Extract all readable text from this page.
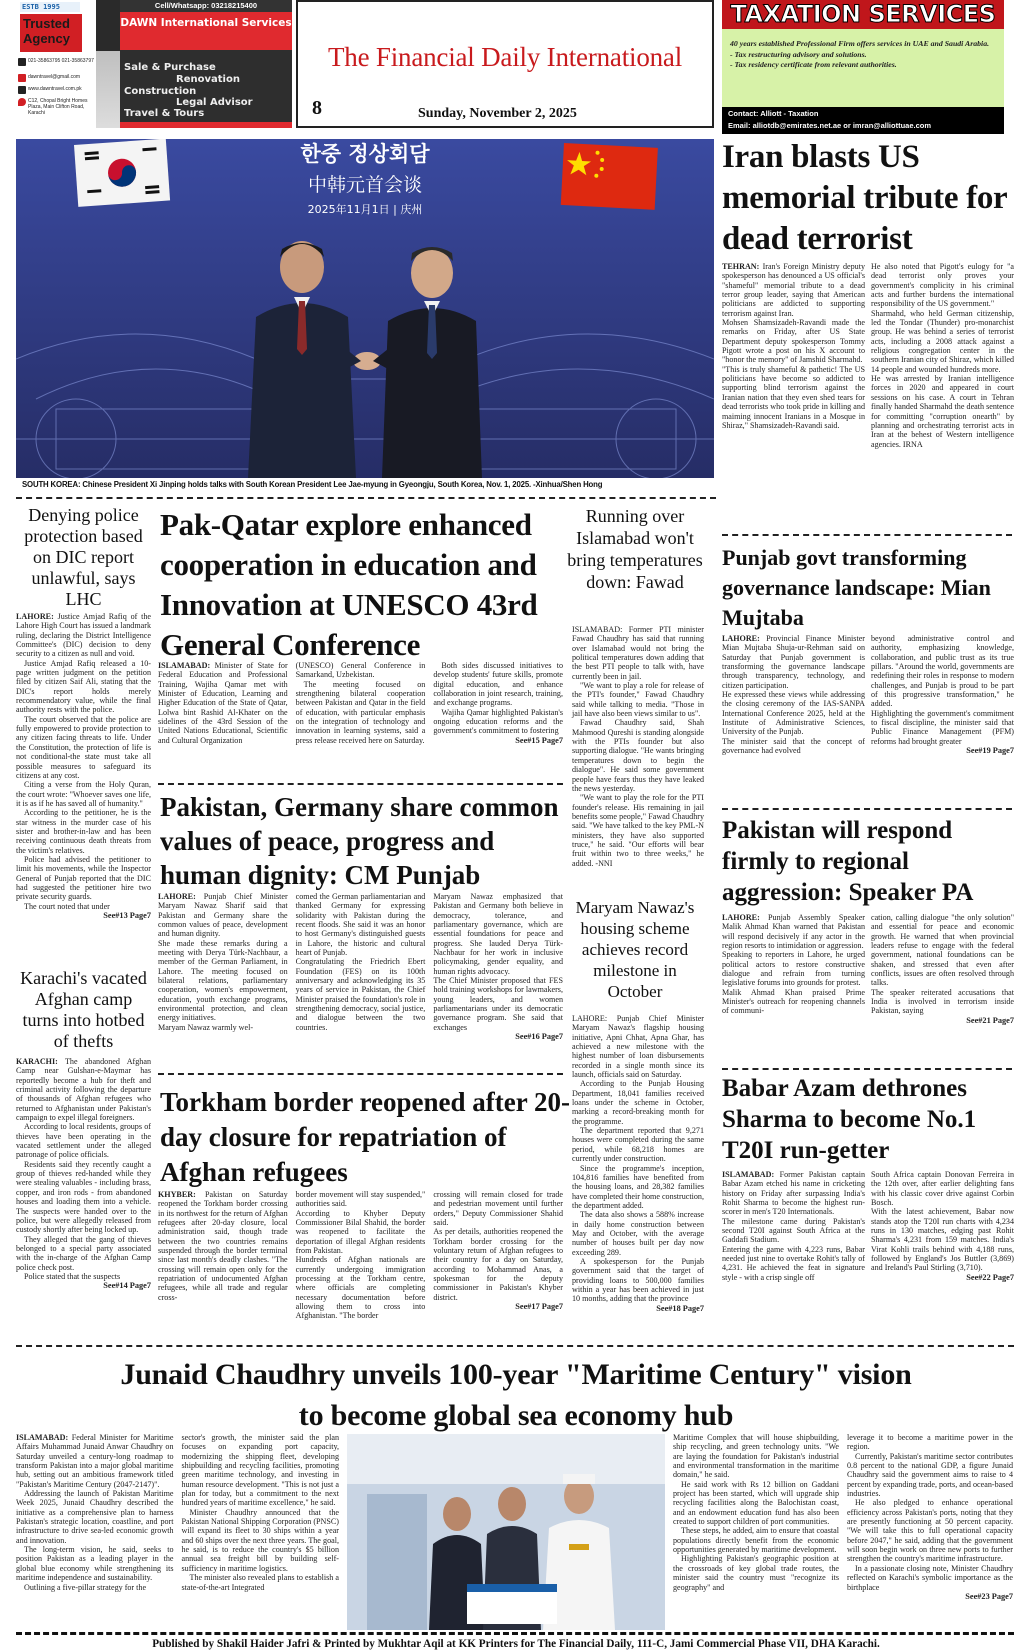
ESTB 1995
Trusted Agency
021-35863795 021-35863797
dawntravel@gmail.com
www.dawntravel.com.pk
C12, Chopal Bright Homes Plaza, Main Clifton Road, Karachi
Cell/Whatsapp: 03218215400
DAWN International Services
Sale & Purchase
Renovation
Construction
Legal Advisor
Travel & Tours
The Financial Daily International
8	Sunday, November 2, 2025
TAXATION SERVICES
40 years established Professional Firm offers services in UAE and Saudi Arabia.
- Tax restructuring advisory and solutions.
- Tax residency certificate from relevant authorities.
Contact: Alliott - Taxation
Email: alliotdb@emirates.net.ae or imran@alliottuae.com
한중 정상회담
中韩元首会谈
2025年11月1日 | 庆州
SOUTH KOREA: Chinese President Xi Jinping holds talks with South Korean President Lee Jae-myung in Gyeongju, South Korea, Nov. 1, 2025. -Xinhua/Shen Hong
Iran blasts US memorial tribute for dead terrorist

TEHRAN: Iran's Foreign Ministry deputy spokesperson has denounced a US official's "shameful" memorial tribute to a dead terror group leader, saying that American politicians are addicted to supporting terrorism against Iran.

Mohsen Shamsizadeh-Ravandi made the remarks on Friday, after US State Department deputy spokesperson Tommy Pigott wrote a post on his X account to "honor the memory" of Jamshid Sharmahd.

"This is truly shameful & pathetic! The US politicians have become so addicted to supporting blind terrorism against the Iranian nation that they even shed tears for dead terrorists who took pride in killing and maiming innocent Iranians in a Mosque in Shiraz," Shamsizadeh-Ravandi said.

He also noted that Pigott's eulogy for "a dead terrorist only proves your government's complicity in his criminal acts and further burdens the international responsibility of the US government."

Sharmahd, who held German citizenship, led the Tondar (Thunder) pro-monarchist group. He was behind a series of terrorist acts, including a 2008 attack against a religious congregation center in the southern Iranian city of Shiraz, which killed 14 people and wounded hundreds more.

He was arrested by Iranian intelligence forces in 2020 and appeared in court sessions on his case. A court in Tehran finally handed Sharmahd the death sentence for committing "corruption onearth" by planning and orchestrating terrorist acts in Iran at the behest of Western intelligence agencies. IRNA

Denying police protection based on DIC report unlawful, says LHC

LAHORE: Justice Amjad Rafiq of the Lahore High Court has issued a landmark ruling, declaring the District Intelligence Committee's (DIC) decision to deny security to a citizen as null and void.

Justice Amjad Rafiq released a 10-page written judgment on the petition filed by citizen Saif Ali, stating that the DIC's report holds merely recommendatory value, while the final authority rests with the police.

The court observed that the police are fully empowered to provide protection to any citizen facing threats to life. Under the Constitution, the protection of life is not conditional-the state must take all possible measures to safeguard its citizens at any cost.

Citing a verse from the Holy Quran, the court wrote: "Whoever saves one life, it is as if he has saved all of humanity."

According to the petitioner, he is the star witness in the murder case of his sister and brother-in-law and has been receiving continuous death threats from the victim's relatives.

Police had advised the petitioner to limit his movements, while the Inspector General of Punjab reported that the DIC had suggested the petitioner hire two private security guards.

The court noted that under

See#13 Page7
Karachi's vacated Afghan camp turns into hotbed of thefts

KARACHI: The abandoned Afghan Camp near Gulshan-e-Maymar has reportedly become a hub for theft and criminal activity following the departure of thousands of Afghan refugees who returned to Afghanistan under Pakistan's campaign to expel illegal foreigners.

According to local residents, groups of thieves have been operating in the vacated settlement under the alleged patronage of police officials.

Residents said they recently caught a group of thieves red-handed while they were stealing valuables - including brass, copper, and iron rods - from abandoned houses and loading them into a vehicle. The suspects were handed over to the police, but were allegedly released from custody shortly after being locked up.

They alleged that the gang of thieves belonged to a special party associated with the in-charge of the Afghan Camp police check post.

Police stated that the suspects

See#14 Page7
Pak-Qatar explore enhanced cooperation in education and Innovation at UNESCO 43rd General Conference

ISLAMABAD: Minister of State for Federal Education and Professional Training, Wajiha Qamar met with Minister of Education, Learning and Higher Education of the State of Qatar, Lolwa bint Rashid Al-Khater on the sidelines of the 43rd Session of the United Nations Educational, Scientific and Cultural Organization

(UNESCO) General Conference in Samarkand, Uzbekistan.

The meeting focused on strengthening bilateral cooperation between Pakistan and Qatar in the field of education, with particular emphasis on the integration of technology and innovation in learning systems, said a press release received here on Saturday.

Both sides discussed initiatives to develop students' future skills, promote digital education, and enhance collaboration in joint research, training, and exchange programs.

Wajiha Qamar highlighted Pakistan's ongoing education reforms and the government's commitment to fostering

See#15 Page7
Running over Islamabad won't bring temperatures down: Fawad

ISLAMABAD: Former PTI minister Fawad Chaudhry has said that running over Islamabad would not bring the political temperatures down adding that the best PTI people to talk with, have currently been in jail.

"We want to play a role for release of the PTI's founder," Fawad Chaudhry said while talking to media. "Those in jail have also been views similar to us".

Fawad Chaudhry said, Shah Mahmood Qureshi is standing alongside with the PTIs founder but also supporting dialogue. "He wants bringing temperatures down to begin the dialogue". He said some government people have fears thus they have leaked the news yesterday.

"We want to play the role for the PTI founder's release. His remaining in jail benefits some people," Fawad Chaudhry said. "We have talked to the key PML-N ministers, they have also supported truce," he said. "Our efforts will bear fruit within two to three weeks," he added. -NNI

Punjab govt transforming governance landscape: Mian Mujtaba

LAHORE: Provincial Finance Minister Mian Mujtaba Shuja-ur-Rehman said on Saturday that Punjab government is transforming the governance landscape through transparency, technology, and citizen participation.

He expressed these views while addressing the closing ceremony of the IAS-SANPA International Conference 2025, held at the Institute of Administrative Sciences, University of the Punjab.

The minister said that the concept of governance had evolved

beyond administrative control and authority, emphasizing knowledge, collaboration, and public trust as its true pillars. "Around the world, governments are redefining their roles in response to modern challenges, and Punjab is proud to be part of this progressive transformation," he added.

Highlighting the government's commitment to fiscal discipline, the minister said that Public Finance Management (PFM) reforms had brought greater

See#19 Page7
Pakistan, Germany share common values of peace, progress and human dignity: CM Punjab

LAHORE: Punjab Chief Minister Maryam Nawaz Sharif said that Pakistan and Germany share the common values of peace, development and human dignity.

She made these remarks during a meeting with Derya Türk-Nachbaur, a member of the German Parliament, in Lahore. The meeting focused on bilateral relations, parliamentary cooperation, women's empowerment, education, youth exchange programs, environmental protection, and clean energy initiatives.

Maryam Nawaz warmly wel-

comed the German parliamentarian and thanked Germany for expressing solidarity with Pakistan during the recent floods. She said it was an honor to host Germany's distinguished guests in Lahore, the historic and cultural heart of Punjab.

Congratulating the Friedrich Ebert Foundation (FES) on its 100th anniversary and acknowledging its 35 years of service in Pakistan, the Chief Minister praised the foundation's role in strengthening democracy, social justice, and dialogue between the two countries.

Maryam Nawaz emphasized that Pakistan and Germany both believe in democracy, tolerance, and parliamentary governance, which are essential foundations for peace and progress. She lauded Derya Türk-Nachbaur for her work in inclusive policymaking, gender equality, and human rights advocacy.

The Chief Minister proposed that FES hold training workshops for lawmakers, young leaders, and women parliamentarians under its democratic governance program. She said that exchanges

See#16 Page7
Maryam Nawaz's housing scheme achieves record milestone in October

LAHORE: Punjab Chief Minister Maryam Nawaz's flagship housing initiative, Apni Chhat, Apna Ghar, has achieved a new milestone with the highest number of loan disbursements recorded in a single month since its launch, officials said on Saturday.

According to the Punjab Housing Department, 18,041 families received loans under the scheme in October, marking a record-breaking month for the programme.

The department reported that 9,271 houses were completed during the same period, while 68,218 homes are currently under construction.

Since the programme's inception, 104,816 families have benefited from the housing loans, and 28,382 families have completed their home construction, the department added.

The data also shows a 588% increase in daily home construction between May and October, with the average number of houses built per day now exceeding 289.

A spokesperson for the Punjab government said that the target of providing loans to 500,000 families within a year has been achieved in just 10 months, adding that the province

See#18 Page7
Pakistan will respond firmly to regional aggression: Speaker PA

LAHORE: Punjab Assembly Speaker Malik Ahmad Khan warned that Pakistan will respond decisively if any actor in the region resorts to intimidation or aggression.

Speaking to reporters in Lahore, he urged political actors to restore constructive dialogue and refrain from turning legislative forums into grounds for protest.

Malik Ahmad Khan praised Prime Minister's outreach for reopening channels of communi-

cation, calling dialogue "the only solution" and essential for peace and economic growth. He warned that when provincial leaders refuse to engage with the federal government, national foundations can be shaken, and stressed that even after conflicts, issues are often resolved through talks.

The speaker reiterated accusations that India is involved in terrorism inside Pakistan, saying

See#21 Page7
Torkham border reopened after 20-day closure for repatriation of Afghan refugees

KHYBER: Pakistan on Saturday reopened the Torkham border crossing in its northwest for the return of Afghan refugees after 20-day closure, local administration said, though trade between the two countries remains suspended through the border terminal since last month's deadly clashes. "The crossing will remain open only for the repatriation of undocumented Afghan refugees, while all trade and regular cross-

border movement will stay suspended," authorities said.

According to Khyber Deputy Commissioner Bilal Shahid, the border was reopened to facilitate the deportation of illegal Afghan residents from Pakistan.

Hundreds of Afghan nationals are currently undergoing immigration processing at the Torkham centre, where officials are completing necessary documentation before allowing them to cross into Afghanistan. "The border

crossing will remain closed for trade and pedestrian movement until further orders," Deputy Commissioner Shahid said.

As per details, authorities reopened the Torkham border crossing for the voluntary return of Afghan refugees to their country for a day on Saturday, according to Mohammad Anas, a spokesman for the deputy commissioner in Pakistan's Khyber district.

See#17 Page7
Babar Azam dethrones Sharma to become No.1 T20I run-getter

ISLAMABAD: Former Pakistan captain Babar Azam etched his name in cricketing history on Friday after surpassing India's Rohit Sharma to become the highest run-scorer in men's T20 Internationals.

The milestone came during Pakistan's second T20I against South Africa at the Gaddafi Stadium.

Entering the game with 4,223 runs, Babar needed just nine to overtake Rohit's tally of 4,231. He achieved the feat in signature style - with a crisp single off

South Africa captain Donovan Ferreira in the 12th over, after earlier delighting fans with his classic cover drive against Corbin Bosch.

With the latest achievement, Babar now stands atop the T20I run charts with 4,234 runs in 130 matches, edging past Rohit Sharma's 4,231 from 159 matches. India's Virat Kohli trails behind with 4,188 runs, followed by England's Jos Buttler (3,869) and Ireland's Paul Stirling (3,710).

See#22 Page7
Junaid Chaudhry unveils 100-year "Maritime Century" vision
to become global sea economy hub

ISLAMABAD: Federal Minister for Maritime Affairs Muhammad Junaid Anwar Chaudhry on Saturday unveiled a century-long roadmap to transform Pakistan into a major global maritime hub, setting out an ambitious framework titled "Pakistan's Maritime Century (2047-2147)".

Addressing the launch of Pakistan Maritime Week 2025, Junaid Chaudhry described the initiative as a comprehensive plan to harness Pakistan's strategic location, coastline, and port infrastructure to drive sea-led economic growth and innovation.

The long-term vision, he said, seeks to position Pakistan as a leading player in the global blue economy while strengthening its maritime independence and sustainability.

Outlining a five-pillar strategy for the

sector's growth, the minister said the plan focuses on expanding port capacity, modernizing the shipping fleet, developing shipbuilding and recycling facilities, promoting green maritime technology, and investing in human resource development. "This is not just a plan for today, but a commitment to the next hundred years of maritime excellence," he said.

Minister Chaudhry announced that the Pakistan National Shipping Corporation (PNSC) will expand its fleet to 30 ships within a year and 60 ships over the next three years. The goal, he said, is to reduce the country's $5 billion annual sea freight bill by building self-sufficiency in maritime logistics.

The minister also revealed plans to establish a state-of-the-art Integrated

Maritime Complex that will house shipbuilding, ship recycling, and green technology units. "We are laying the foundation for Pakistan's industrial and environmental transformation in the maritime domain," he said.

He said work with Rs 12 billion on Gaddani project has been started, which will upgrade ship recycling facilities along the Balochistan coast, and an endowment education fund has also been created to support children of port communities.

These steps, he added, aim to ensure that coastal populations directly benefit from the economic opportunities generated by maritime development.

Highlighting Pakistan's geographic position at the crossroads of key global trade routes, the minister said the country must "recognize its geography" and

leverage it to become a maritime power in the region.

Currently, Pakistan's maritime sector contributes 0.8 percent to the national GDP, a figure Junaid Chaudhry said the government aims to raise to 4 percent by expanding trade, ports, and ocean-based industries.

He also pledged to enhance operational efficiency across Pakistan's ports, noting that they are presently functioning at 50 percent capacity. "We will take this to full operational capacity before 2047," he said, adding that the government will soon begin work on three new ports to further strengthen the country's maritime infrastructure.

In a passionate closing note, Minister Chaudhry reflected on Karachi's symbolic importance as the birthplace

See#23 Page7
Published by Shakil Haider Jafri & Printed by Mukhtar Aqil at KK Printers for The Financial Daily, 111-C, Jami Commercial Phase VII, DHA Karachi.
